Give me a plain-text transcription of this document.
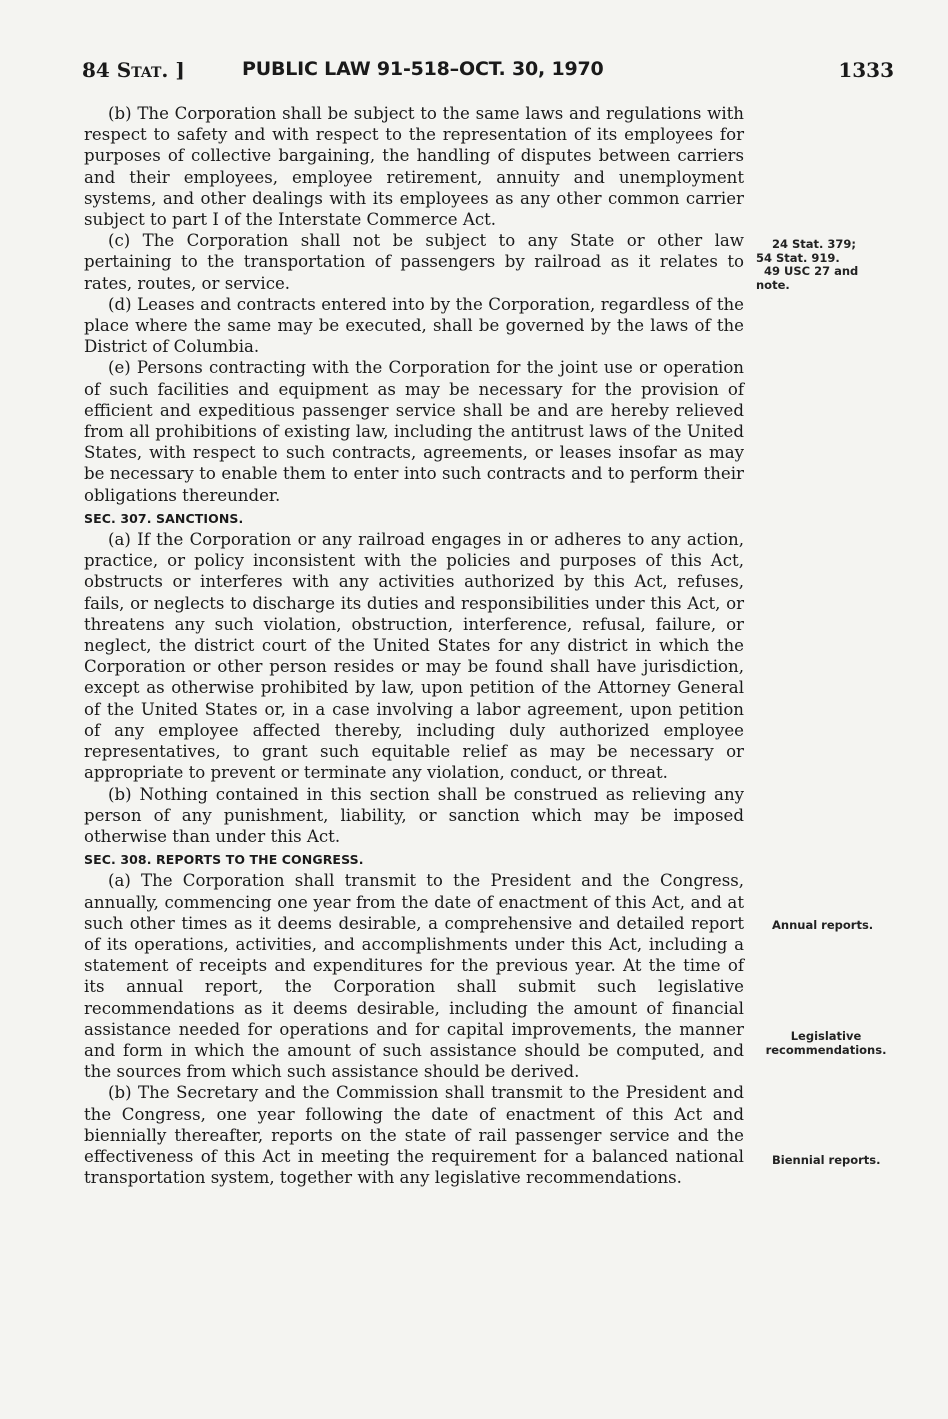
84 Stat. ]	PUBLIC LAW 91-518–OCT. 30, 1970	1333

(b) The Corporation shall be subject to the same laws and regulations with respect to safety and with respect to the representation of its employees for purposes of collective bargaining, the handling of disputes between carriers and their employees, employee retirement, annuity and unemployment systems, and other dealings with its employees as any other common carrier subject to part I of the Interstate Commerce Act.

(c) The Corporation shall not be subject to any State or other law pertaining to the transportation of passengers by railroad as it relates to rates, routes, or service.

(d) Leases and contracts entered into by the Corporation, regardless of the place where the same may be executed, shall be governed by the laws of the District of Columbia.

(e) Persons contracting with the Corporation for the joint use or operation of such facilities and equipment as may be necessary for the provision of efficient and expeditious passenger service shall be and are hereby relieved from all prohibitions of existing law, including the antitrust laws of the United States, with respect to such contracts, agreements, or leases insofar as may be necessary to enable them to enter into such contracts and to perform their obligations thereunder.

SEC. 307. SANCTIONS.

(a) If the Corporation or any railroad engages in or adheres to any action, practice, or policy inconsistent with the policies and purposes of this Act, obstructs or interferes with any activities authorized by this Act, refuses, fails, or neglects to discharge its duties and responsibilities under this Act, or threatens any such violation, obstruction, interference, refusal, failure, or neglect, the district court of the United States for any district in which the Corporation or other person resides or may be found shall have jurisdiction, except as otherwise prohibited by law, upon petition of the Attorney General of the United States or, in a case involving a labor agreement, upon petition of any employee affected thereby, including duly authorized employee representatives, to grant such equitable relief as may be necessary or appropriate to prevent or terminate any violation, conduct, or threat.

(b) Nothing contained in this section shall be construed as relieving any person of any punishment, liability, or sanction which may be imposed otherwise than under this Act.

SEC. 308. REPORTS TO THE CONGRESS.

(a) The Corporation shall transmit to the President and the Congress, annually, commencing one year from the date of enactment of this Act, and at such other times as it deems desirable, a comprehensive and detailed report of its operations, activities, and accomplishments under this Act, including a statement of receipts and expenditures for the previous year. At the time of its annual report, the Corporation shall submit such legislative recommendations as it deems desirable, including the amount of financial assistance needed for operations and for capital improvements, the manner and form in which the amount of such assistance should be computed, and the sources from which such assistance should be derived.

(b) The Secretary and the Commission shall transmit to the President and the Congress, one year following the date of enactment of this Act and biennially thereafter, reports on the state of rail passenger service and the effectiveness of this Act in meeting the requirement for a balanced national transportation system, together with any legislative recommendations.

24 Stat. 379;
54 Stat. 919.
49 USC 27 and
note.
Annual reports.
Legislative
recommendations.
Biennial reports.
